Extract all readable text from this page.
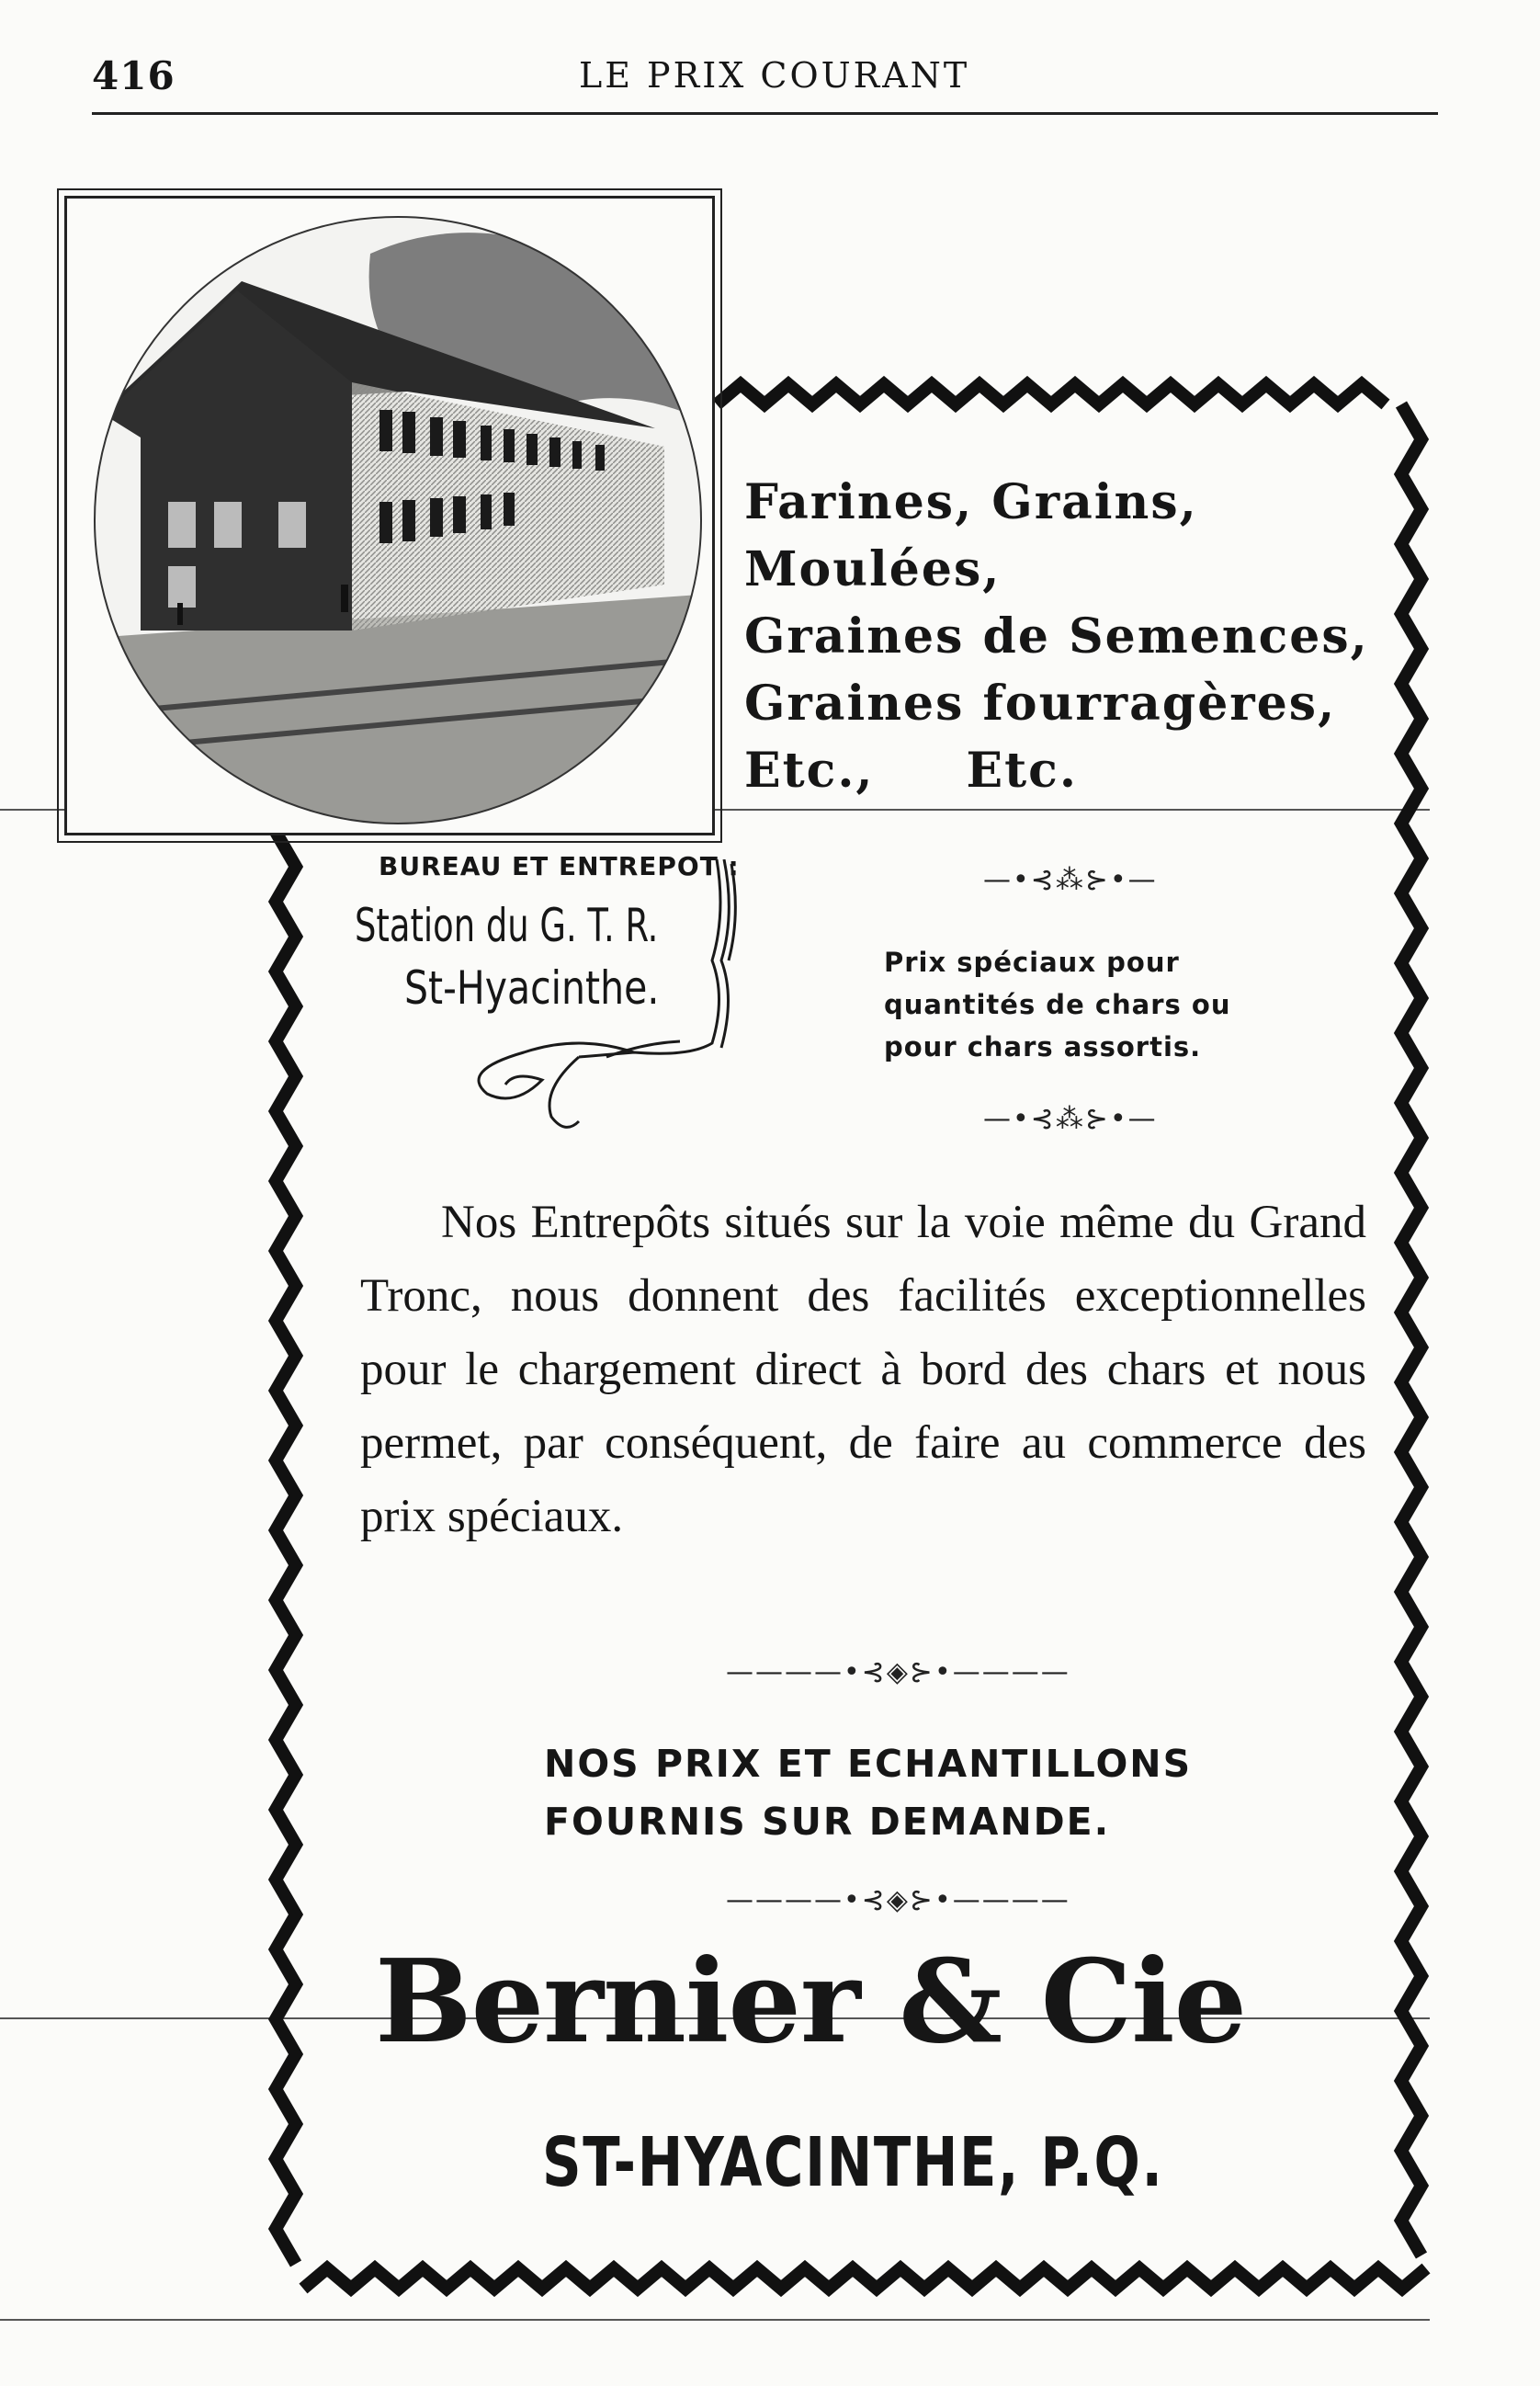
416	LE PRIX COURANT
Farines, Grains,
Moulées,
Graines de Semences,
Graines fourragères,
Etc., Etc.
BUREAU ET ENTREPOT :
Station du G. T. R.
St-Hyacinthe.
—•⊰⁂⊱•—
Prix spéciaux pour
quantités de chars ou
pour chars assortis.
—•⊰⁂⊱•—
Nos Entrepôts situés sur la voie même du Grand Tronc, nous donnent des facilités exceptionnelles pour le chargement direct à bord des chars et nous permet, par conséquent, de faire au commerce des prix spéciaux.
————•⊰◈⊱•————
NOS PRIX ET ECHANTILLONS
FOURNIS SUR DEMANDE.
————•⊰◈⊱•————
Bernier & Cie
ST-HYACINTHE, P.Q.
